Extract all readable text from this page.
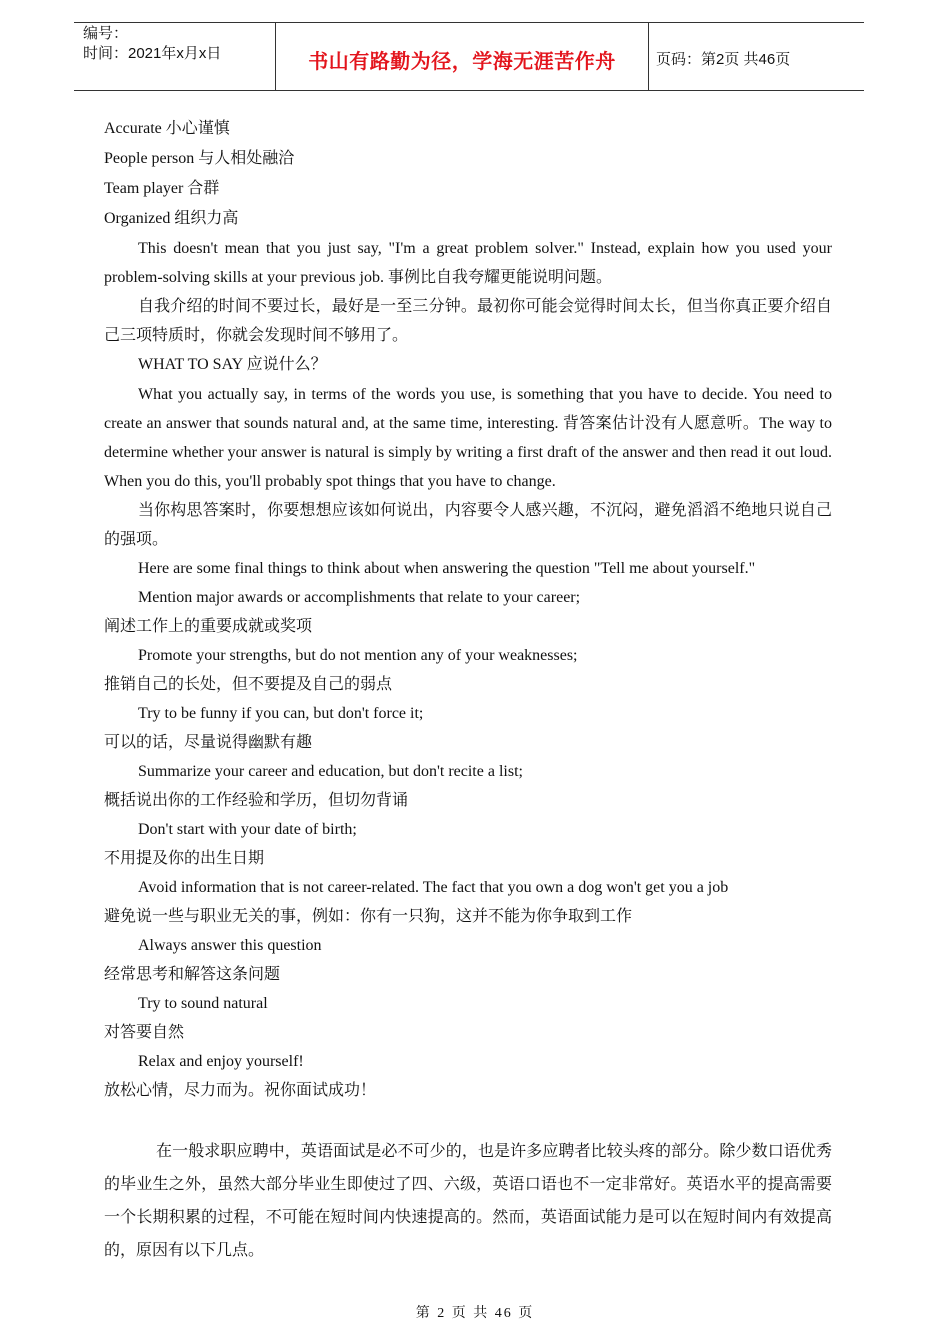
编号：
时间：2021年x月x日	书山有路勤为径，学海无涯苦作舟	页码：第2页 共46页
Accurate 小心谨慎
People person 与人相处融洽
Team player 合群
Organized 组织力高
This doesn't mean that you just say, "I'm a great problem solver." Instead, explain how you used your problem-solving skills at your previous job. 事例比自我夸耀更能说明问题。
自我介绍的时间不要过长，最好是一至三分钟。最初你可能会觉得时间太长，但当你真正要介绍自己三项特质时，你就会发现时间不够用了。
WHAT TO SAY 应说什么？
What you actually say, in terms of the words you use, is something that you have to decide. You need to create an answer that sounds natural and, at the same time, interesting. 背答案估计没有人愿意听。The way to determine whether your answer is natural is simply by writing a first draft of the answer and then read it out loud. When you do this, you'll probably spot things that you have to change.
当你构思答案时，你要想想应该如何说出，内容要令人感兴趣，不沉闷，避免滔滔不绝地只说自己的强项。
Here are some final things to think about when answering the question "Tell me about yourself."
Mention major awards or accomplishments that relate to your career;
阐述工作上的重要成就或奖项
Promote your strengths, but do not mention any of your weaknesses;
推销自己的长处，但不要提及自己的弱点
Try to be funny if you can, but don't force it;
可以的话，尽量说得幽默有趣
Summarize your career and education, but don't recite a list;
概括说出你的工作经验和学历，但切勿背诵
Don't start with your date of birth;
不用提及你的出生日期
Avoid information that is not career-related. The fact that you own a dog won't get you a job
避免说一些与职业无关的事，例如：你有一只狗，这并不能为你争取到工作
Always answer this question
经常思考和解答这条问题
Try to sound natural
对答要自然
Relax and enjoy yourself!
放松心情，尽力而为。祝你面试成功！
在一般求职应聘中，英语面试是必不可少的，也是许多应聘者比较头疼的部分。除少数口语优秀的毕业生之外，虽然大部分毕业生即使过了四、六级，英语口语也不一定非常好。英语水平的提高需要一个长期积累的过程，不可能在短时间内快速提高的。然而，英语面试能力是可以在短时间内有效提高的，原因有以下几点。
第 2 页 共 46 页
